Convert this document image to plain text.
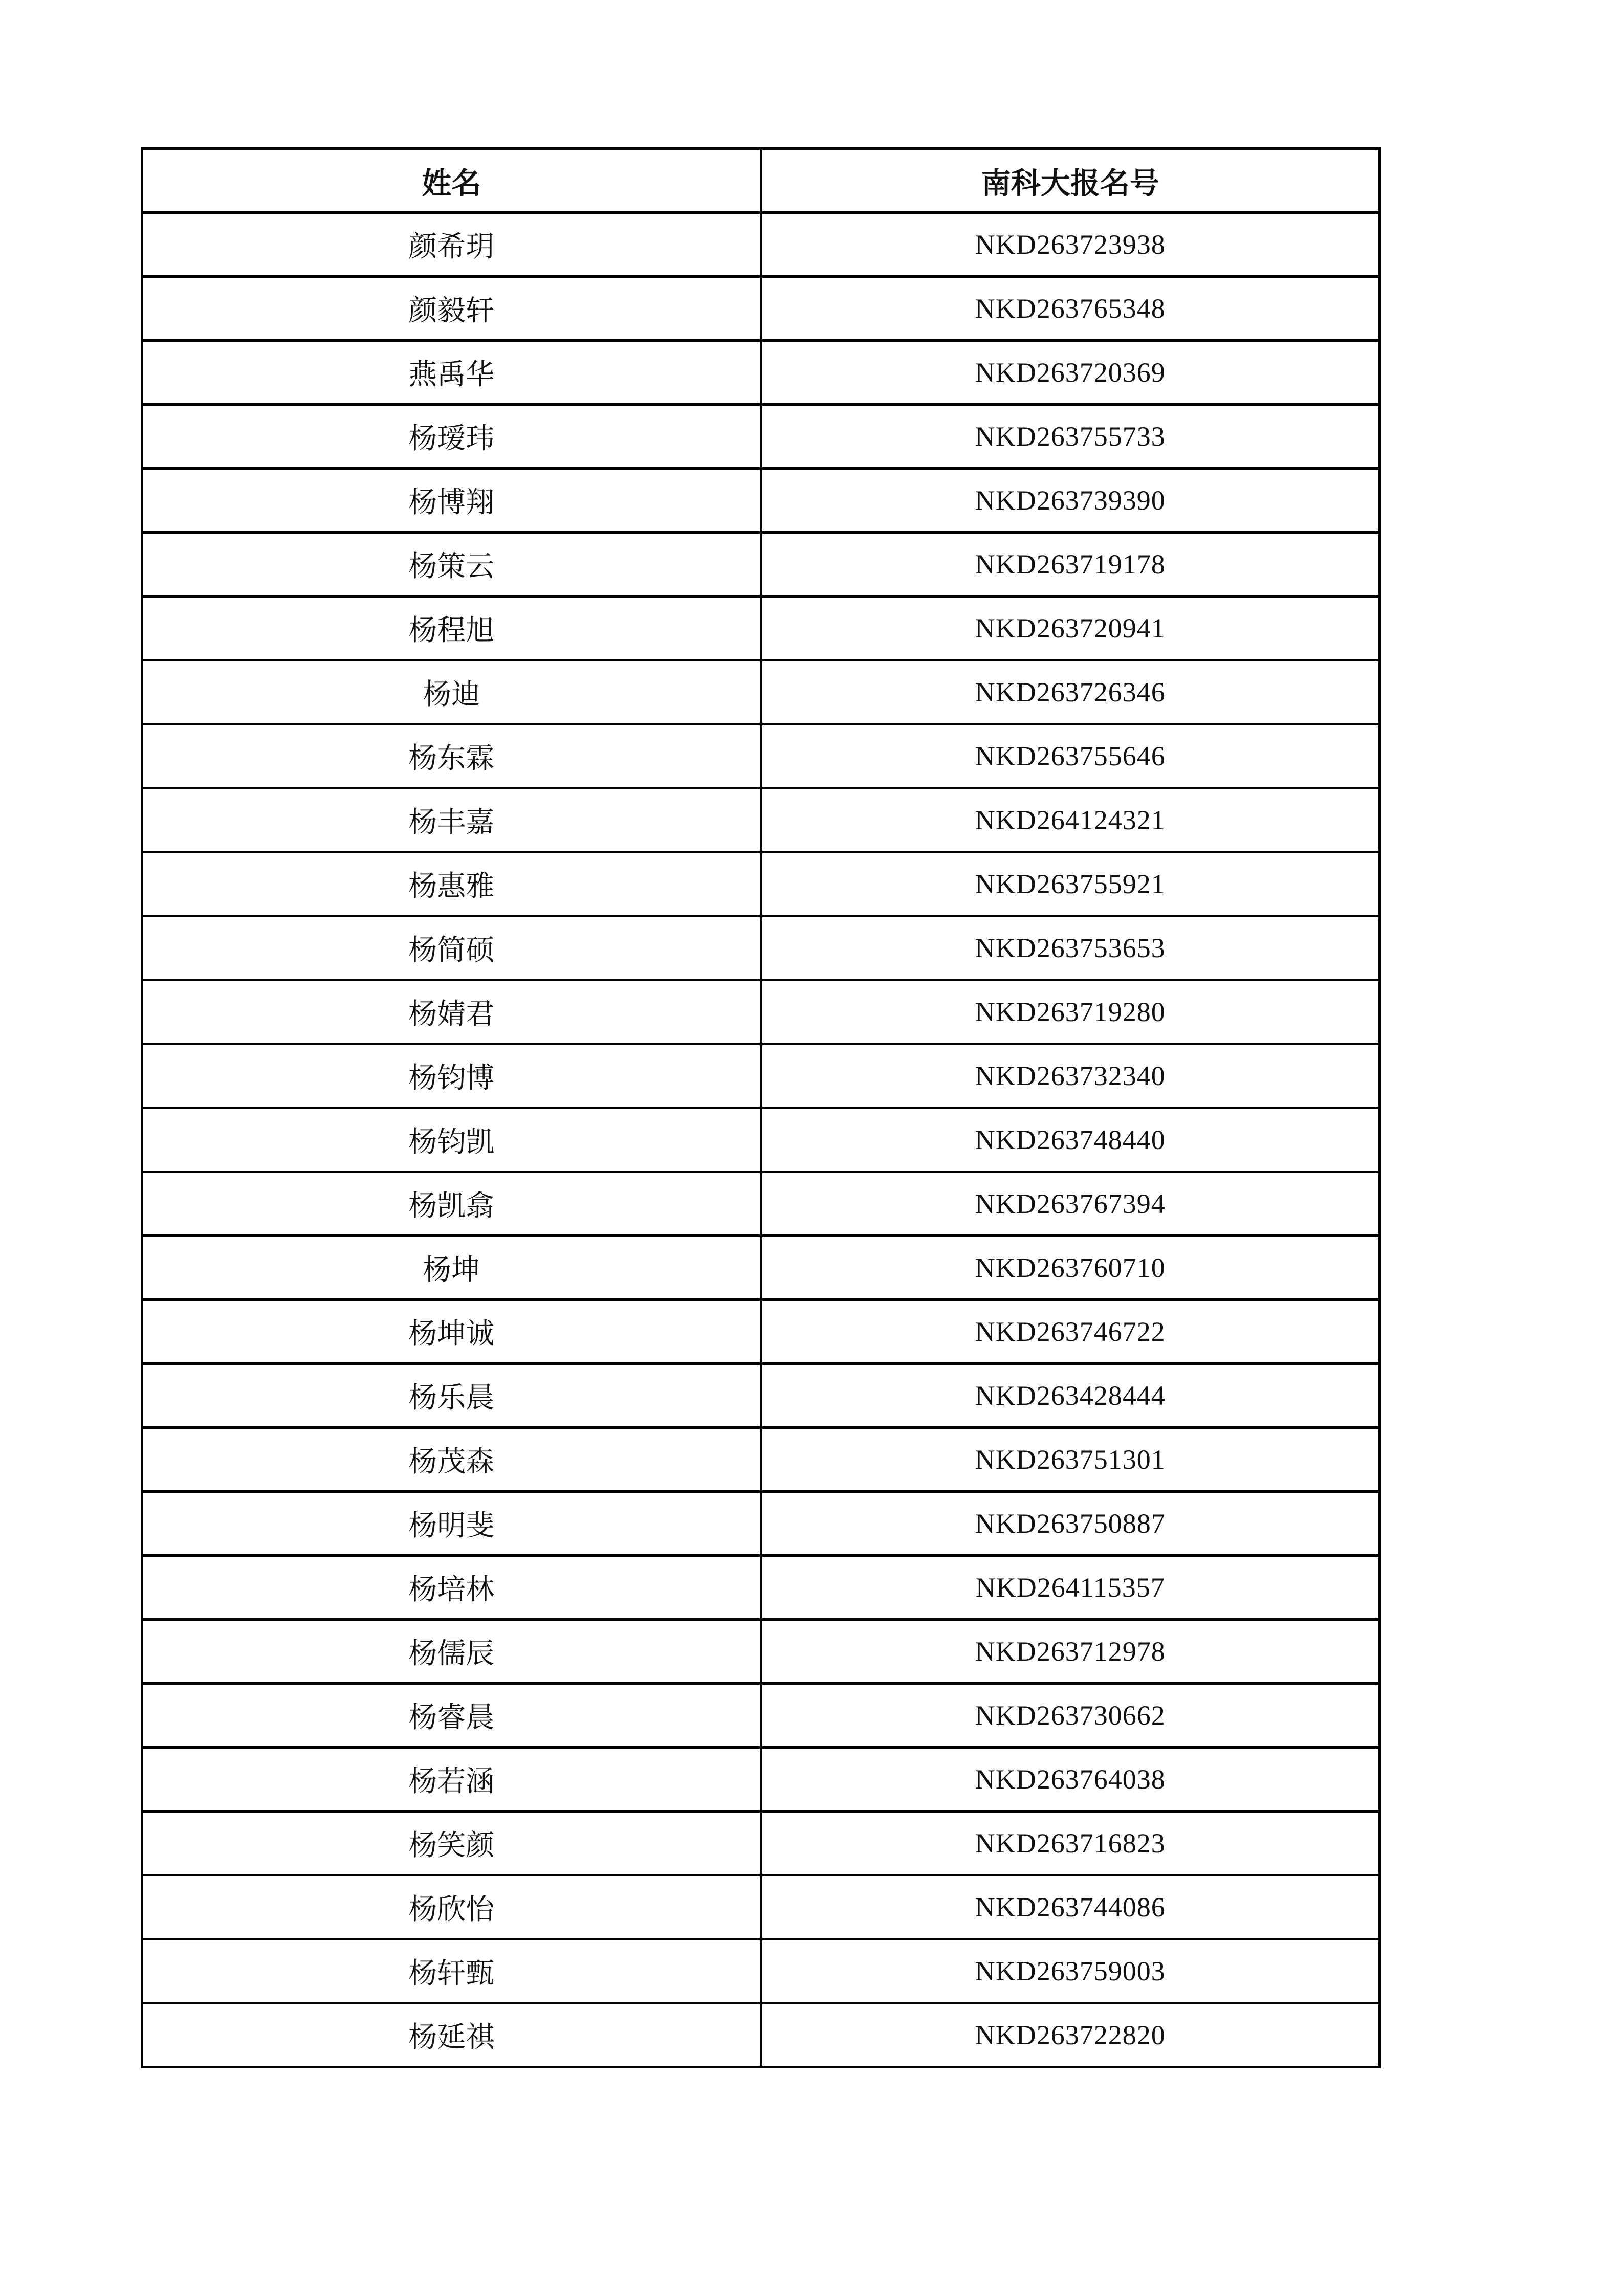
姓名	南科大报名号
颜希玥	NKD263723938
颜毅轩	NKD263765348
燕禹华	NKD263720369
杨瑷玮	NKD263755733
杨博翔	NKD263739390
杨策云	NKD263719178
杨程旭	NKD263720941
杨迪	NKD263726346
杨东霖	NKD263755646
杨丰嘉	NKD264124321
杨惠雅	NKD263755921
杨简硕	NKD263753653
杨婧君	NKD263719280
杨钧博	NKD263732340
杨钧凯	NKD263748440
杨凯翕	NKD263767394
杨坤	NKD263760710
杨坤诚	NKD263746722
杨乐晨	NKD263428444
杨茂森	NKD263751301
杨明斐	NKD263750887
杨培林	NKD264115357
杨儒辰	NKD263712978
杨睿晨	NKD263730662
杨若涵	NKD263764038
杨笑颜	NKD263716823
杨欣怡	NKD263744086
杨轩甄	NKD263759003
杨延祺	NKD263722820
